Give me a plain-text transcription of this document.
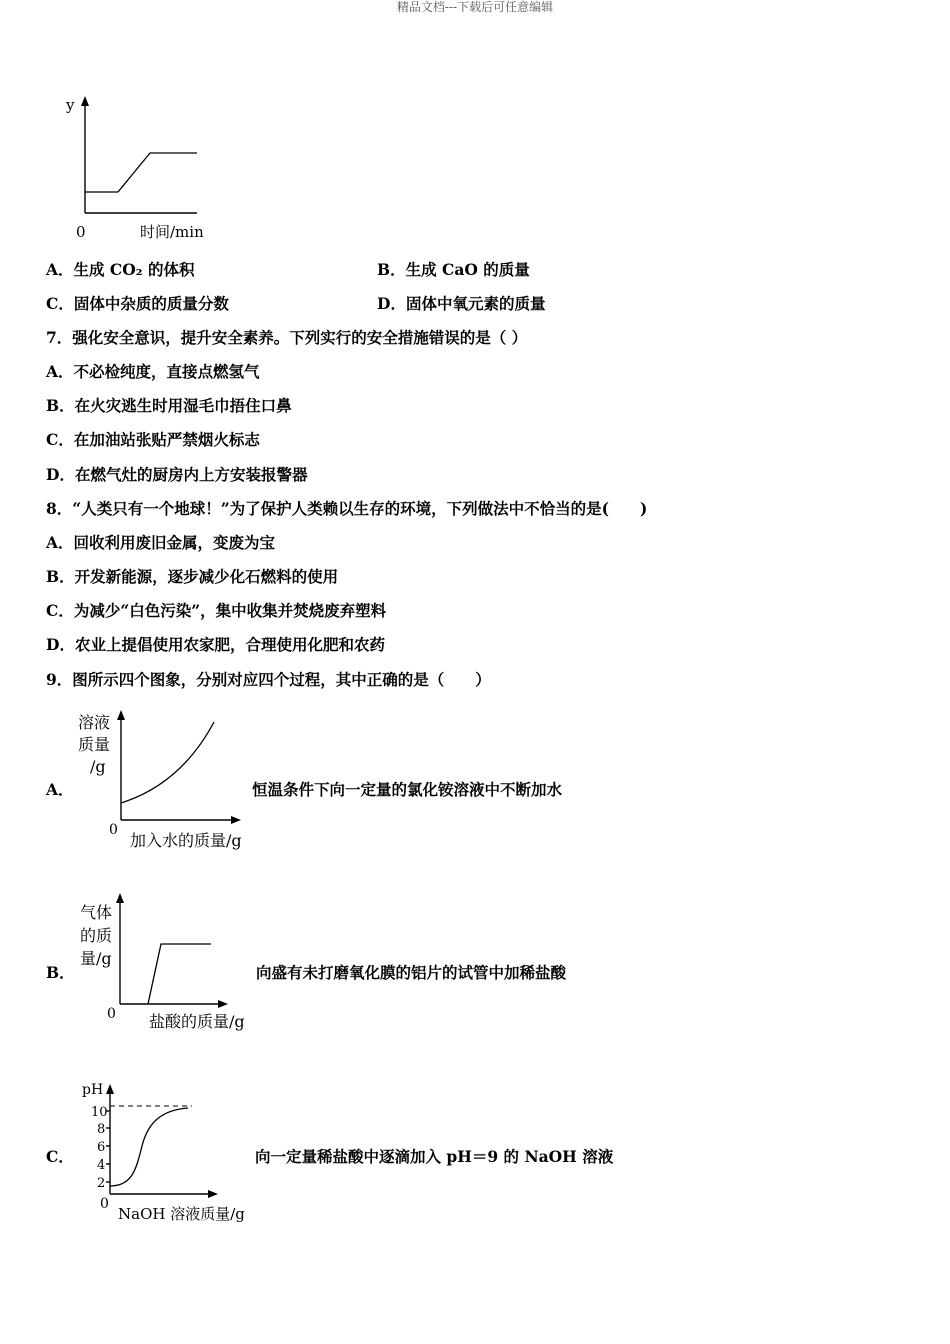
精品文档---下载后可任意编辑
y
0	时间/min
A．生成 CO₂ 的体积	B．生成 CaO 的质量
C．固体中杂质的质量分数	D．固体中氧元素的质量
7．强化安全意识，提升安全素养。下列实行的安全措施错误的是（ ）
A．不必检纯度，直接点燃氢气
B．在火灾逃生时用湿毛巾捂住口鼻
C．在加油站张贴严禁烟火标志
D．在燃气灶的厨房内上方安装报警器
8．“人类只有一个地球！”为了保护人类赖以生存的环境，下列做法中不恰当的是(　　)
A．回收利用废旧金属，变废为宝
B．开发新能源，逐步减少化石燃料的使用
C．为减少“白色污染”，集中收集并焚烧废弃塑料
D．农业上提倡使用农家肥，合理使用化肥和农药
9．图所示四个图象，分别对应四个过程，其中正确的是（　　）
A．
溶液
质量
/g
0
加入水的质量/g
恒温条件下向一定量的氯化铵溶液中不断加水
B．
气体
的质
量/g
0 盐酸的质量/g
向盛有未打磨氧化膜的铝片的试管中加稀盐酸
C．
pH
10
8
6
4
2
0
NaOH 溶液质量/g
向一定量稀盐酸中逐滴加入 pH＝9 的 NaOH 溶液
